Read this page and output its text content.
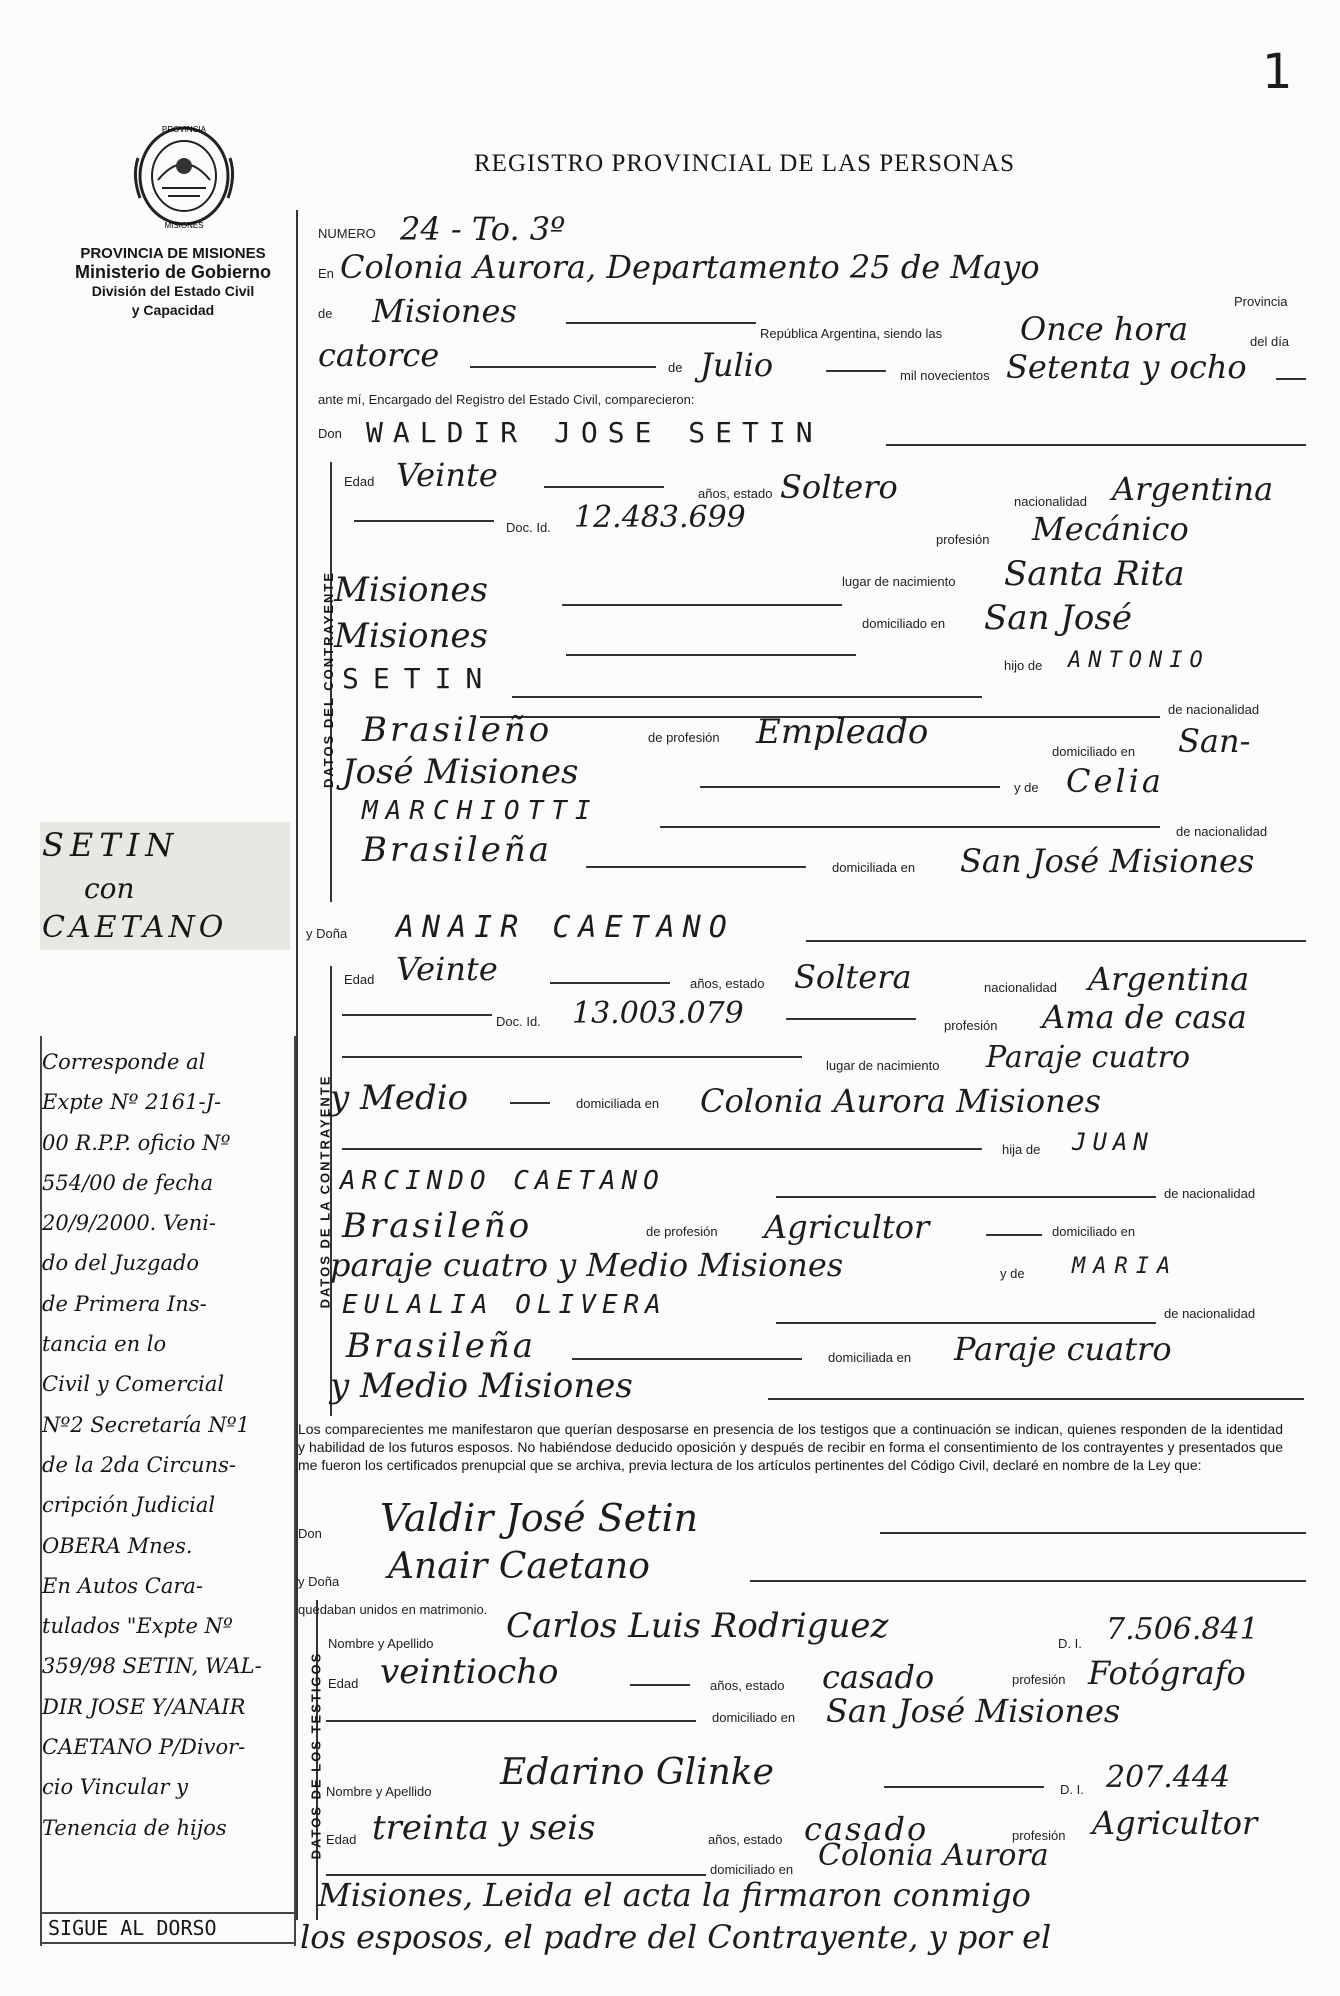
1
PROVINCIA
MISIONES
PROVINCIA DE MISIONES
Ministerio de Gobierno
División del Estado Civil
y Capacidad
REGISTRO PROVINCIAL DE LAS PERSONAS
DATOS DEL CONTRAYENTE
DATOS DE LA CONTRAYENTE
DATOS DE LOS TESTIGOS
NUMERO 24 - To. 3º
En Colonia Aurora, Departamento 25 de Mayo
Provincia
de Misiones
República Argentina, siendo las Once hora	del día
catorce	de Julio	mil novecientos Setenta y ocho
ante mí, Encargado del Registro del Estado Civil, comparecieron:
Don WALDIR JOSE SETIN
Edad Veinte	años, estado Soltero	nacionalidad Argentina
Doc. Id. 12.483.699
profesión Mecánico
Misiones	lugar de nacimiento Santa Rita
Misiones	domiciliado en San José
SETIN	hijo de ANTONIO
de nacionalidad
Brasileño	de profesión Empleado	domiciliado en San-
José Misiones	y de Celia
MARCHIOTTI
de nacionalidad
Brasileña	domiciliada en San José Misiones
SETIN
con
CAETANO	y Doña ANAIR CAETANO
Edad Veinte	años, estado Soltera	nacionalidad Argentina
Doc. Id. 13.003.079	profesión Ama de casa
lugar de nacimiento Paraje cuatro
y Medio	domiciliada en Colonia Aurora Misiones
hija de JUAN
ARCINDO CAETANO	de nacionalidad
Brasileño	de profesión Agricultor	domiciliado en
paraje cuatro y Medio Misiones	y de MARIA
EULALIA OLIVERA	de nacionalidad
Brasileña	domiciliada en Paraje cuatro
y Medio Misiones
Los comparecientes me manifestaron que querían desposarse en presencia de los testigos que a continuación se indican, quienes responden de la identidad y habilidad de los futuros esposos. No habiéndose deducido oposición y después de recibir en forma el consentimiento de los contrayentes y presentados que me fueron los certificados prenupcial que se archiva, previa lectura de los artículos pertinentes del Código Civil, declaré en nombre de la Ley que:
Don Valdir José Setin
y Doña Anair Caetano
quedaban unidos en matrimonio.
Nombre y Apellido Carlos Luis Rodriguez	D. I. 7.506.841
Edad veintiocho	años, estado casado	profesión Fotógrafo
domiciliado en San José Misiones
Nombre y Apellido Edarino Glinke	D. I. 207.444
Edad treinta y seis	años, estado casado	profesión Agricultor
domiciliado en Colonia Aurora
Misiones, Leida el acta la firmaron conmigo
los esposos, el padre del Contrayente, y por el
Corresponde al
Expte Nº 2161-J-
00 R.P.P. oficio Nº
554/00 de fecha
20/9/2000. Veni-
do del Juzgado
de Primera Ins-
tancia en lo
Civil y Comercial
Nº2 Secretaría Nº1
de la 2da Circuns-
cripción Judicial
OBERA Mnes.
En Autos Cara-
tulados "Expte Nº
359/98 SETIN, WAL-
DIR JOSE Y/ANAIR
CAETANO P/Divor-
cio Vincular y
Tenencia de hijos
SIGUE AL DORSO
